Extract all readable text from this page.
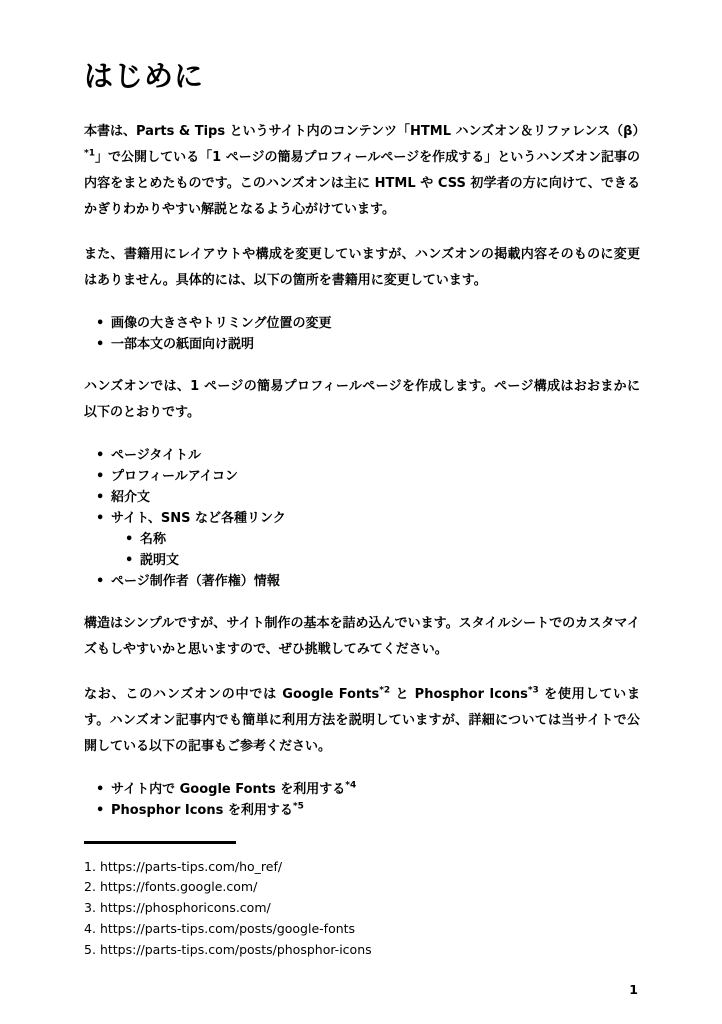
はじめに

本書は、Parts & Tips というサイト内のコンテンツ「HTML ハンズオン＆リファレンス（β）$^{*1}$」で公開している「1 ページの簡易プロフィールページを作成する」というハンズオン記事の内容をまとめたものです。このハンズオンは主に HTML や CSS 初学者の方に向けて、できるかぎりわかりやすい解説となるよう心がけています。

また、書籍用にレイアウトや構成を変更していますが、ハンズオンの掲載内容そのものに変更はありません。具体的には、以下の箇所を書籍用に変更しています。

• 画像の大きさやトリミング位置の変更
• 一部本文の紙面向け説明

ハンズオンでは、1 ページの簡易プロフィールページを作成します。ページ構成はおおまかに以下のとおりです。

• ページタイトル
• プロフィールアイコン
• 紹介文
• サイト、SNS など各種リンク
• 名称
• 説明文
• ページ制作者（著作権）情報

構造はシンプルですが、サイト制作の基本を詰め込んでいます。スタイルシートでのカスタマイズもしやすいかと思いますので、ぜひ挑戦してみてください。

なお、このハンズオンの中では Google Fonts$^{*2}$ と Phosphor Icons$^{*3}$ を使用しています。ハンズオン記事内でも簡単に利用方法を説明していますが、詳細については当サイトで公開している以下の記事もご参考ください。

• サイト内で Google Fonts を利用する$^{*4}$
• Phosphor Icons を利用する$^{*5}$
1. https://parts-tips.com/ho_ref/
2. https://fonts.google.com/
3. https://phosphoricons.com/
4. https://parts-tips.com/posts/google-fonts
5. https://parts-tips.com/posts/phosphor-icons
1
